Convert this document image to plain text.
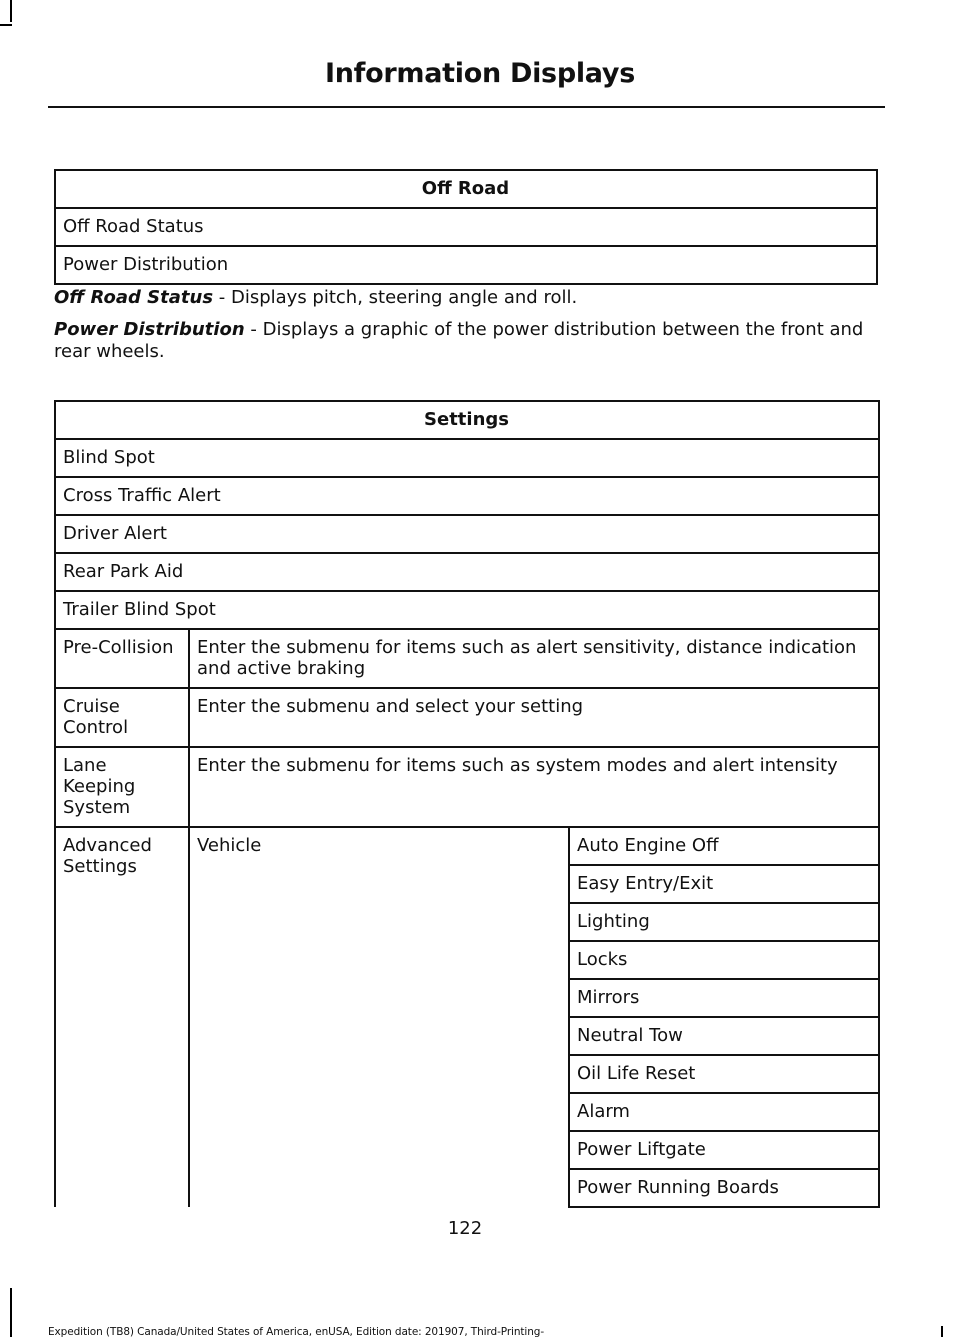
Information Displays
Off Road
Off Road Status
Power Distribution
Off Road Status - Displays pitch, steering angle and roll.
Power Distribution - Displays a graphic of the power distribution between the front and rear wheels.
Settings		
Blind Spot		
Cross Traffic Alert		
Driver Alert		
Rear Park Aid		
Trailer Blind Spot		
Pre-Collision	Enter the submenu for items such as alert sensitivity, distance indication and active braking	
Cruise Control	Enter the submenu and select your setting	
Lane Keeping System	Enter the submenu for items such as system modes and alert intensity	
Advanced Settings	Vehicle	Auto Engine Off
		Easy Entry/Exit
		Lighting
		Locks
		Mirrors
		Neutral Tow
		Oil Life Reset
		Alarm
		Power Liftgate
		Power Running Boards
122
Expedition (TB8) Canada/United States of America, enUSA, Edition date: 201907, Third-Printing-
